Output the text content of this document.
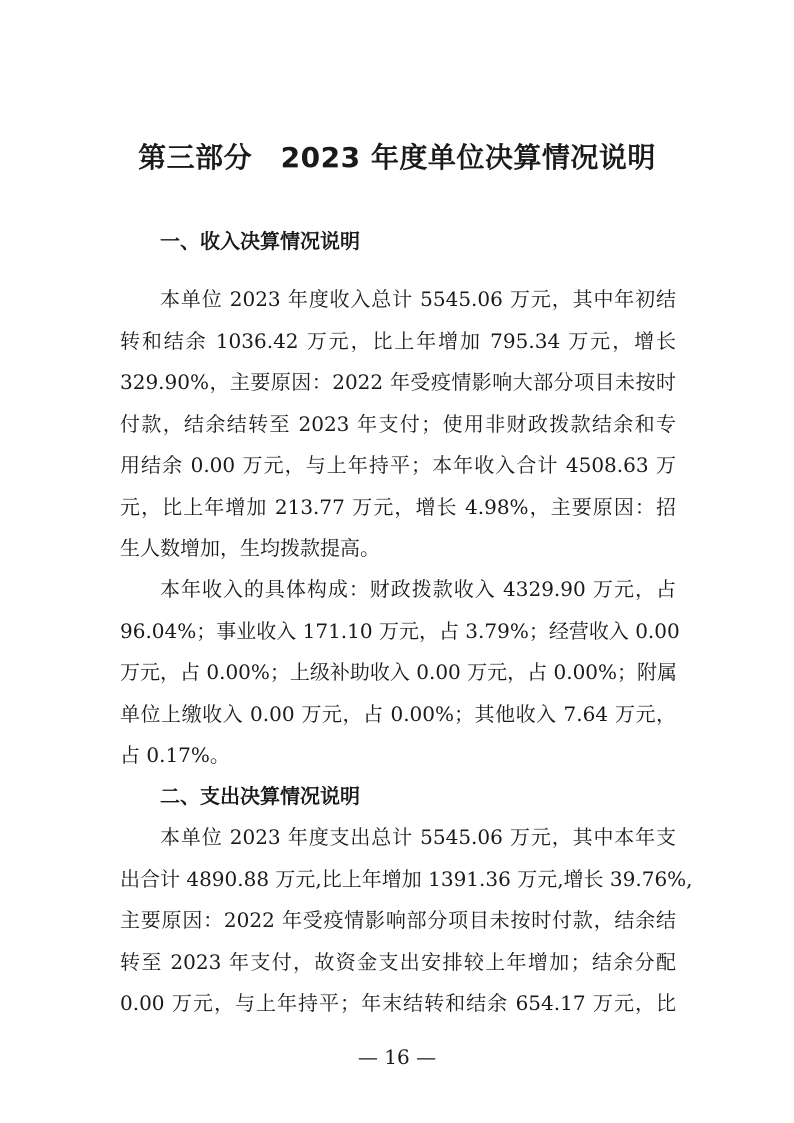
第三部分　2023 年度单位决算情况说明
一、收入决算情况说明
本单位 2023 年度收入总计 5545.06 万元，其中年初结
转和结余 1036.42 万元，比上年增加 795.34 万元，增长
329.90%，主要原因：2022 年受疫情影响大部分项目未按时
付款，结余结转至 2023 年支付；使用非财政拨款结余和专
用结余 0.00 万元，与上年持平；本年收入合计 4508.63 万
元，比上年增加 213.77 万元，增长 4.98%，主要原因：招
生人数增加，生均拨款提高。
本年收入的具体构成：财政拨款收入 4329.90 万元，占
96.04%；事业收入 171.10 万元，占 3.79%；经营收入 0.00
万元，占 0.00%；上级补助收入 0.00 万元，占 0.00%；附属
单位上缴收入 0.00 万元，占 0.00%；其他收入 7.64 万元，
占 0.17%。
二、支出决算情况说明
本单位 2023 年度支出总计 5545.06 万元，其中本年支
出合计 4890.88 万元,比上年增加 1391.36 万元,增长 39.76%,
主要原因：2022 年受疫情影响部分项目未按时付款，结余结
转至 2023 年支付，故资金支出安排较上年增加；结余分配
0.00 万元，与上年持平；年末结转和结余 654.17 万元，比
— 16 —
